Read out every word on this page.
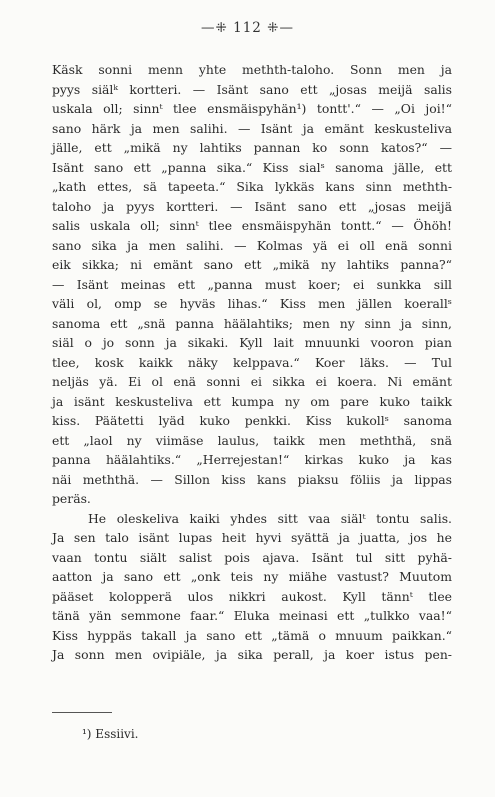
—⁜ 112 ⁜—
Käsk sonni menn yhte methth-taloho. Sonn men ja
pyys siälᵏ kortteri. — Isänt sano ett „josas meijä salis
uskala oll; sinnᵗ tlee ensmäispyhän¹) tontt'.“ — „Oi joi!“
sano härk ja men salihi. — Isänt ja emänt keskusteliva
jälle, ett „mikä ny lahtiks pannan ko sonn katos?“ —
Isänt sano ett „panna sika.“ Kiss sialˢ sanoma jälle, ett
„kath ettes, sä tapeeta.“ Sika lykkäs kans sinn methth-
taloho ja pyys kortteri. — Isänt sano ett „josas meijä
salis uskala oll; sinnᵗ tlee ensmäispyhän tontt.“ — Öhöh!
sano sika ja men salihi. — Kolmas yä ei oll enä sonni
eik sikka; ni emänt sano ett „mikä ny lahtiks panna?“
— Isänt meinas ett „panna must koer; ei sunkka sill
väli ol, omp se hyväs lihas.“ Kiss men jällen koerallˢ
sanoma ett „snä panna häälahtiks; men ny sinn ja sinn,
siäl o jo sonn ja sikaki. Kyll lait mnuunki vooron pian
tlee, kosk kaikk näky kelppava.“ Koer läks. — Tul
neljäs yä. Ei ol enä sonni ei sikka ei koera. Ni emänt
ja isänt keskusteliva ett kumpa ny om pare kuko taikk
kiss. Päätetti lyäd kuko penkki. Kiss kukollˢ sanoma
ett „laol ny viimäse laulus, taikk men meththä, snä
panna häälahtiks.“ „Herrejestan!“ kirkas kuko ja kas
näi meththä. — Sillon kiss kans piaksu föliis ja lippas
peräs.
He oleskeliva kaiki yhdes sitt vaa siälᵗ tontu salis.
Ja sen talo isänt lupas heit hyvi syättä ja juatta, jos he
vaan tontu siält salist pois ajava. Isänt tul sitt pyhä-
aatton ja sano ett „onk teis ny miähe vastust? Muutom
pääset kolopperä ulos nikkri aukost. Kyll tännᵗ tlee
tänä yän semmone faar.“ Eluka meinasi ett „tulkko vaa!“
Kiss hyppäs takall ja sano ett „tämä o mnuum paikkan.“
Ja sonn men ovipiäle, ja sika perall, ja koer istus pen-
¹) Essiivi.
